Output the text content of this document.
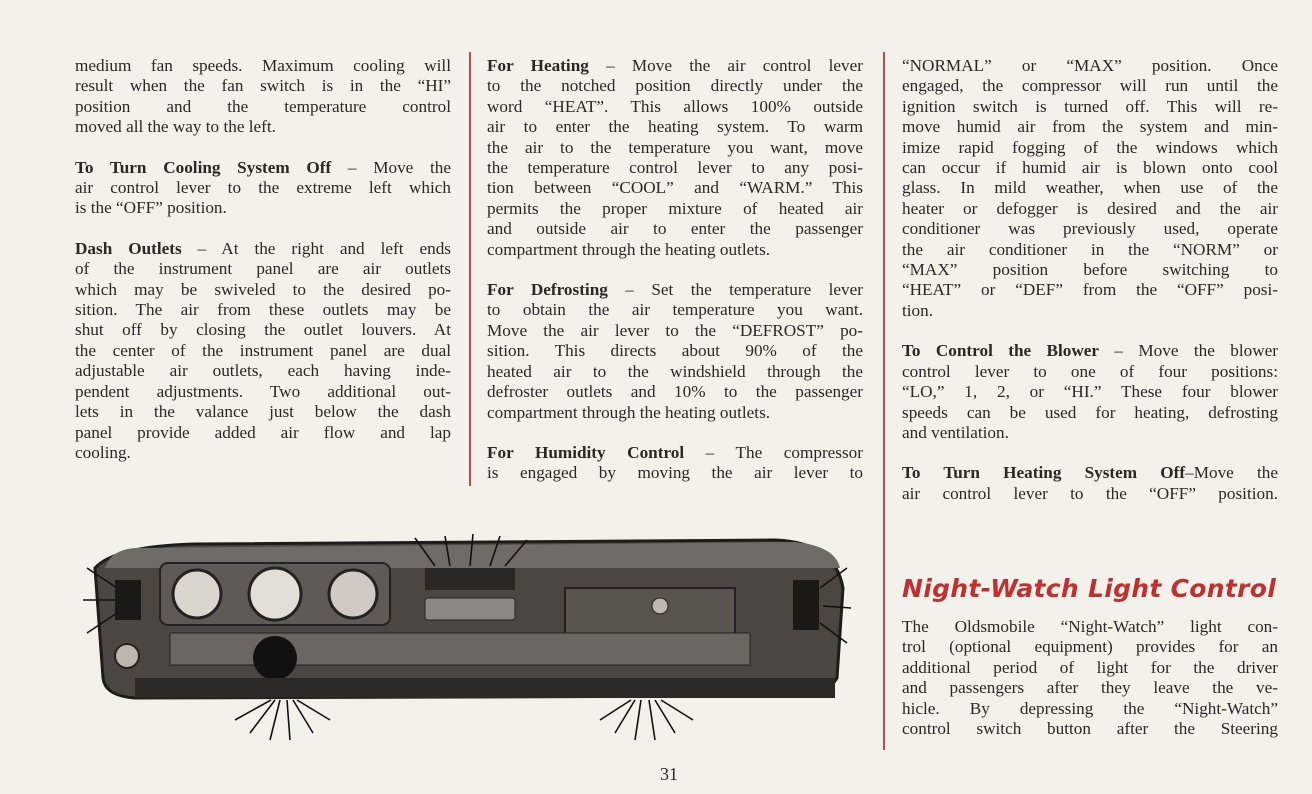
medium fan speeds. Maximum cooling will
result when the fan switch is in the “HI”
position and the temperature control
moved all the way to the left.
To Turn Cooling System Off – Move the
air control lever to the extreme left which
is the “OFF” position.
Dash Outlets – At the right and left ends
of the instrument panel are air outlets
which may be swiveled to the desired po-
sition. The air from these outlets may be
shut off by closing the outlet louvers. At
the center of the instrument panel are dual
adjustable air outlets, each having inde-
pendent adjustments. Two additional out-
lets in the valance just below the dash
panel provide added air flow and lap
cooling.
For Heating – Move the air control lever
to the notched position directly under the
word “HEAT”. This allows 100% outside
air to enter the heating system. To warm
the air to the temperature you want, move
the temperature control lever to any posi-
tion between “COOL” and “WARM.” This
permits the proper mixture of heated air
and outside air to enter the passenger
compartment through the heating outlets.
For Defrosting – Set the temperature lever
to obtain the air temperature you want.
Move the air lever to the “DEFROST” po-
sition. This directs about 90% of the
heated air to the windshield through the
defroster outlets and 10% to the passenger
compartment through the heating outlets.
For Humidity Control – The compressor
is engaged by moving the air lever to
“NORMAL” or “MAX” position. Once
engaged, the compressor will run until the
ignition switch is turned off. This will re-
move humid air from the system and min-
imize rapid fogging of the windows which
can occur if humid air is blown onto cool
glass. In mild weather, when use of the
heater or defogger is desired and the air
conditioner was previously used, operate
the air conditioner in the “NORM” or
“MAX” position before switching to
“HEAT” or “DEF” from the “OFF” posi-
tion.
To Control the Blower – Move the blower
control lever to one of four positions:
“LO,” 1, 2, or “HI.” These four blower
speeds can be used for heating, defrosting
and ventilation.
To Turn Heating System Off–Move the
air control lever to the “OFF” position.
Night-Watch Light Control
The Oldsmobile “Night-Watch” light con-
trol (optional equipment) provides for an
additional period of light for the driver
and passengers after they leave the ve-
hicle. By depressing the “Night-Watch”
control switch button after the Steering
31
